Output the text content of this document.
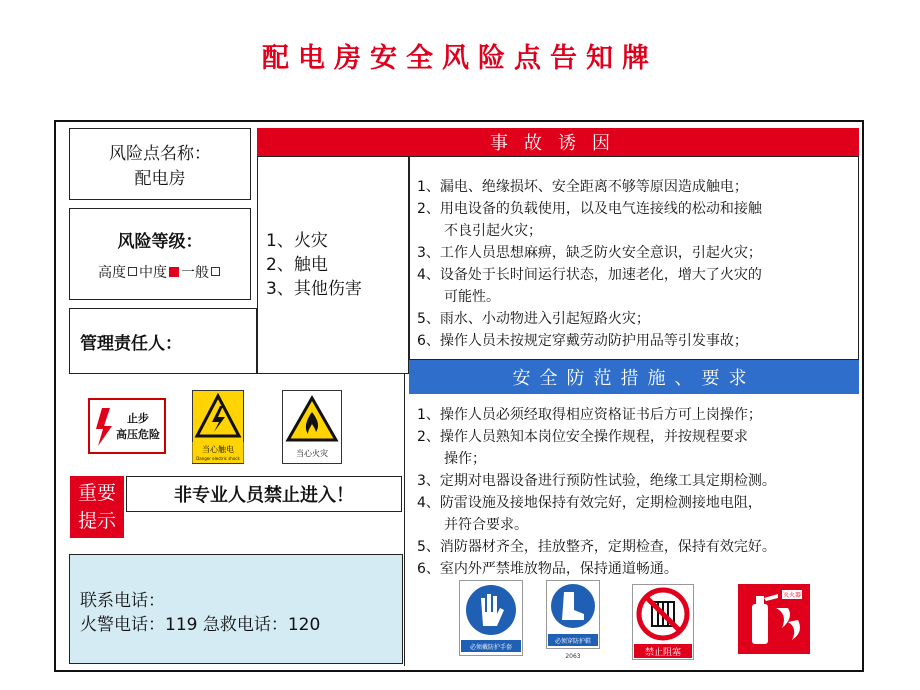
配电房安全风险点告知牌
风险点名称：
配电房
风险等级：
高度 中度 一般
管理责任人：
1、火灾
2、触电
3、其他伤害
事故诱因
1、漏电、绝缘损坏、安全距离不够等原因造成触电；
2、用电设备的负载使用，以及电气连接线的松动和接触
不良引起火灾；
3、工作人员思想麻痹，缺乏防火安全意识，引起火灾；
4、设备处于长时间运行状态，加速老化，增大了火灾的
可能性。
5、雨水、小动物进入引起短路火灾；
6、操作人员未按规定穿戴劳动防护用品等引发事故；
安全防范措施、要求
1、操作人员必须经取得相应资格证书后方可上岗操作；
2、操作人员熟知本岗位安全操作规程，并按规程要求
操作；
3、定期对电器设备进行预防性试验，绝缘工具定期检测。
4、防雷设施及接地保持有效完好，定期检测接地电阻，
并符合要求。
5、消防器材齐全，挂放整齐，定期检查，保持有效完好。
6、室内外严禁堆放物品，保持通道畅通。
止步
高压危险
当心触电
Danger electric shock
当心火灾
重要
提示
非专业人员禁止进入！
联系电话：
火警电话：119 急救电话：120
必须戴防护手套
必须穿防护鞋
2063	禁止阻塞
灭火器
